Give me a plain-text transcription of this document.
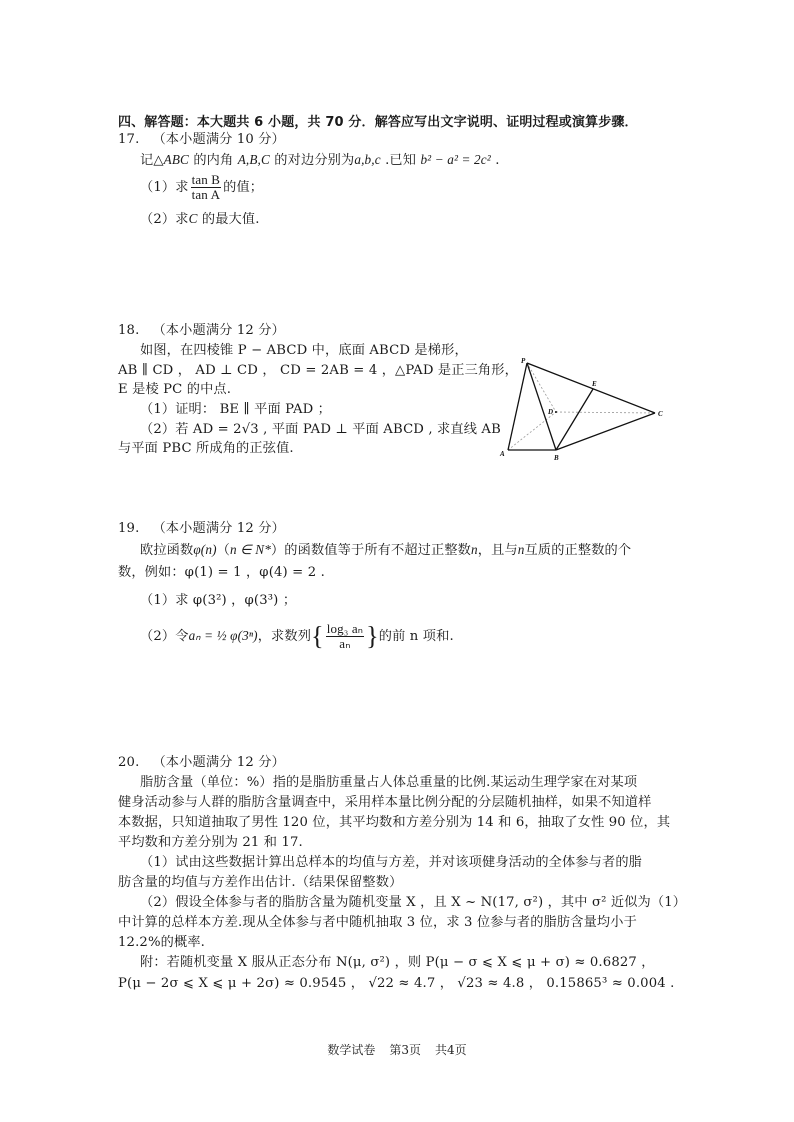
四、解答题：本大题共 6 小题，共 70 分．解答应写出文字说明、证明过程或演算步骤．
17. （本小题满分 10 分）
记△ABC 的内角 A,B,C 的对边分别为a,b,c .已知 b² − a² = 2c² .
（1）求 $\frac{\text{tan B}}{\text{tan A}}$ 的值；
（2）求C 的最大值.
18. （本小题满分 12 分）
如图，在四棱锥 P − ABCD 中，底面 ABCD 是梯形，
AB ∥ CD ， AD ⊥ CD ， CD = 2AB = 4 ，△PAD 是正三角形，
E 是棱 PC 的中点.
（1）证明： BE ∥ 平面 PAD ；
（2）若 AD = 2√3 , 平面 PAD ⊥ 平面 ABCD , 求直线 AB
与平面 PBC 所成角的正弦值.
P
A	B
C
D
E
19. （本小题满分 12 分）
欧拉函数φ(n)（n ∈ N*）的函数值等于所有不超过正整数n，且与n互质的正整数的个
数，例如：φ(1) = 1 ，φ(4) = 2 .
（1）求 φ(3²) ，φ(3³) ；
（2）令aₙ = ½ φ(3ⁿ)，求数列{ $\frac{\text{log₃ aₙ}}{\text{aₙ}}$ }的前 n 项和.
20. （本小题满分 12 分）
脂肪含量（单位：%）指的是脂肪重量占人体总重量的比例.某运动生理学家在对某项
健身活动参与人群的脂肪含量调查中，采用样本量比例分配的分层随机抽样，如果不知道样
本数据，只知道抽取了男性 120 位，其平均数和方差分别为 14 和 6，抽取了女性 90 位，其
平均数和方差分别为 21 和 17.
（1）试由这些数据计算出总样本的均值与方差，并对该项健身活动的全体参与者的脂
肪含量的均值与方差作出估计.（结果保留整数）
（2）假设全体参与者的脂肪含量为随机变量 X ，且 X ~ N(17, σ²) ，其中 σ² 近似为（1）
中计算的总样本方差.现从全体参与者中随机抽取 3 位，求 3 位参与者的脂肪含量均小于
12.2%的概率.
附：若随机变量 X 服从正态分布 N(μ, σ²) ，则 P(μ − σ ⩽ X ⩽ μ + σ) ≈ 0.6827 ，
P(μ − 2σ ⩽ X ⩽ μ + 2σ) ≈ 0.9545 ， √22 ≈ 4.7 ， √23 ≈ 4.8 ， 0.15865³ ≈ 0.004 .
数学试卷 第3页 共4页
